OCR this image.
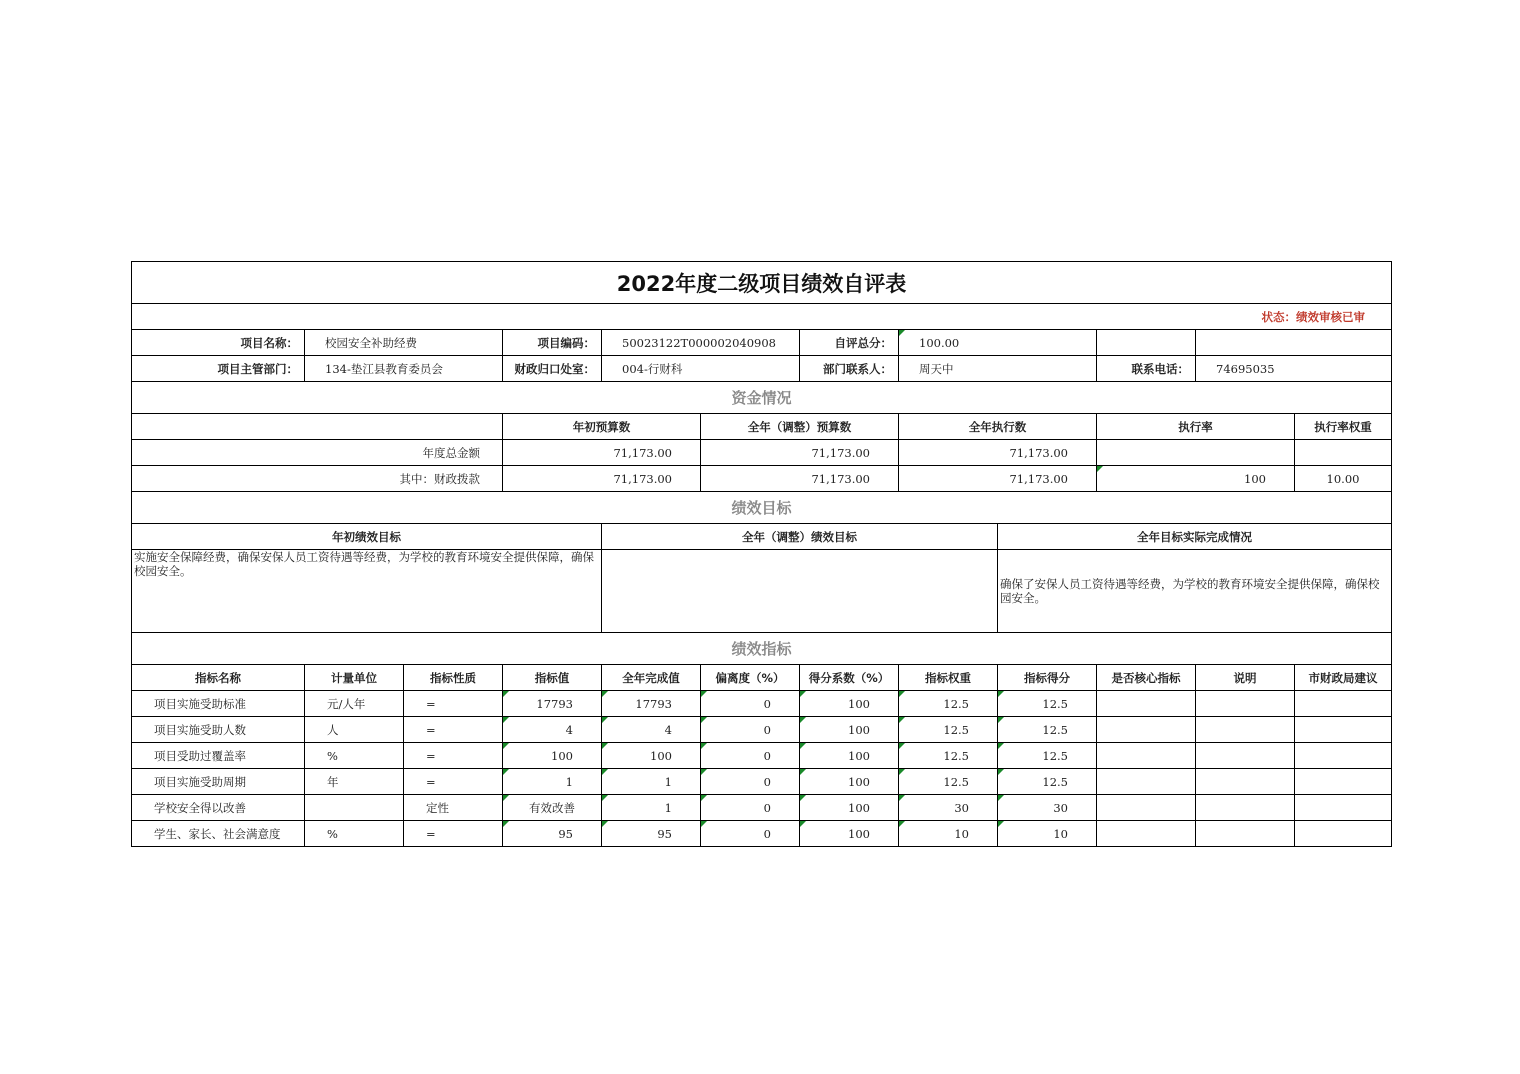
2022年度二级项目绩效自评表												
状态：绩效审核已审												
项目名称：	校园安全补助经费		项目编码：	50023122T000002040908		自评总分：	100.00					
项目主管部门：	134-垫江县教育委员会		财政归口处室：	004-行财科		部门联系人：	周天中		联系电话：	74695035		
资金情况												
			年初预算数		全年（调整）预算数		全年执行数		执行率		执行率权重	
年度总金额			71,173.00		71,173.00		71,173.00					
其中：财政拨款			71,173.00		71,173.00		71,173.00		100		10.00	
绩效目标												
年初绩效目标				全年（调整）绩效目标				全年目标实际完成情况				
实施安全保障经费，确保安保人员工资待遇等经费，为学校的教育环境安全提供保障，确保校园安全。								确保了安保人员工资待遇等经费，为学校的教育环境安全提供保障，确保校园安全。				
绩效指标												
指标名称	计量单位	指标性质	指标值	全年完成值	偏离度（%）	得分系数（%）	指标权重	指标得分	是否核心指标	说明	市财政局建议	
项目实施受助标准	元/人年	=	17793	17793	0	100	12.5	12.5				
项目实施受助人数	人	=	4	4	0	100	12.5	12.5				
项目受助过覆盖率	%	=	100	100	0	100	12.5	12.5				
项目实施受助周期	年	=	1	1	0	100	12.5	12.5				
学校安全得以改善		定性	有效改善	1	0	100	30	30				
学生、家长、社会满意度	%	=	95	95	0	100	10	10				
